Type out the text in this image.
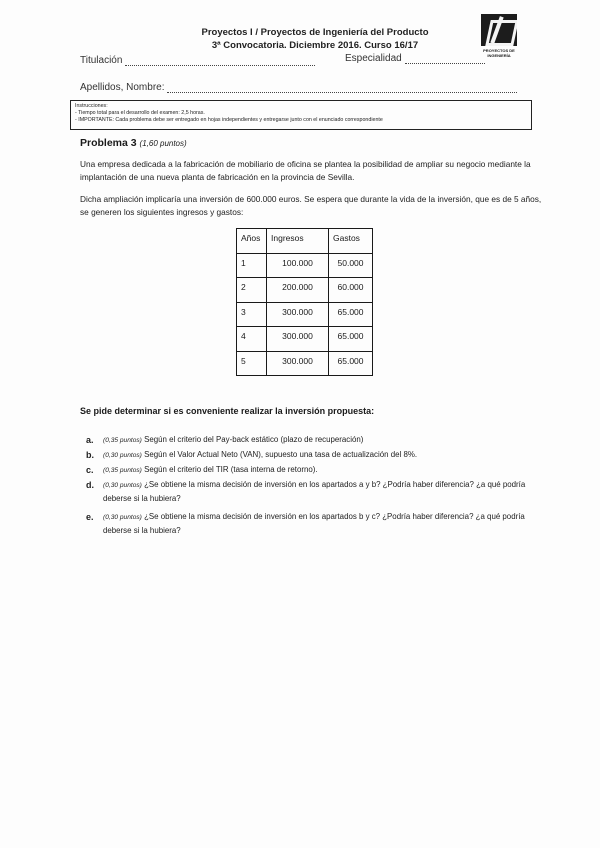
Proyectos I / Proyectos de Ingeniería del Producto
3ª Convocatoria. Diciembre 2016. Curso 16/17	PROYECTOS DE INGENIERÍA
Titulación	Especialidad
Apellidos, Nombre:
Instrucciones:
- Tiempo total para el desarrollo del examen: 2,5 horas.
- IMPORTANTE: Cada problema debe ser entregado en hojas independientes y entregarse junto con el enunciado correspondiente
Problema 3 (1,60 puntos)
Una empresa dedicada a la fabricación de mobiliario de oficina se plantea la posibilidad de ampliar su negocio mediante la implantación de una nueva planta de fabricación en la provincia de Sevilla.
Dicha ampliación implicaría una inversión de 600.000 euros. Se espera que durante la vida de la inversión, que es de 5 años, se generen los siguientes ingresos y gastos:
Años	Ingresos	Gastos
1	100.000	50.000
2	200.000	60.000
3	300.000	65.000
4	300.000	65.000
5	300.000	65.000
Se pide determinar si es conveniente realizar la inversión propuesta:
a. (0,35 puntos) Según el criterio del Pay-back estático (plazo de recuperación)
b. (0,30 puntos) Según el Valor Actual Neto (VAN), supuesto una tasa de actualización del 8%.
c. (0,35 puntos) Según el criterio del TIR (tasa interna de retorno).
d. (0,30 puntos) ¿Se obtiene la misma decisión de inversión en los apartados a y b? ¿Podría haber diferencia? ¿a qué podría deberse si la hubiera?
e. (0,30 puntos) ¿Se obtiene la misma decisión de inversión en los apartados b y c? ¿Podría haber diferencia? ¿a qué podría deberse si la hubiera?
